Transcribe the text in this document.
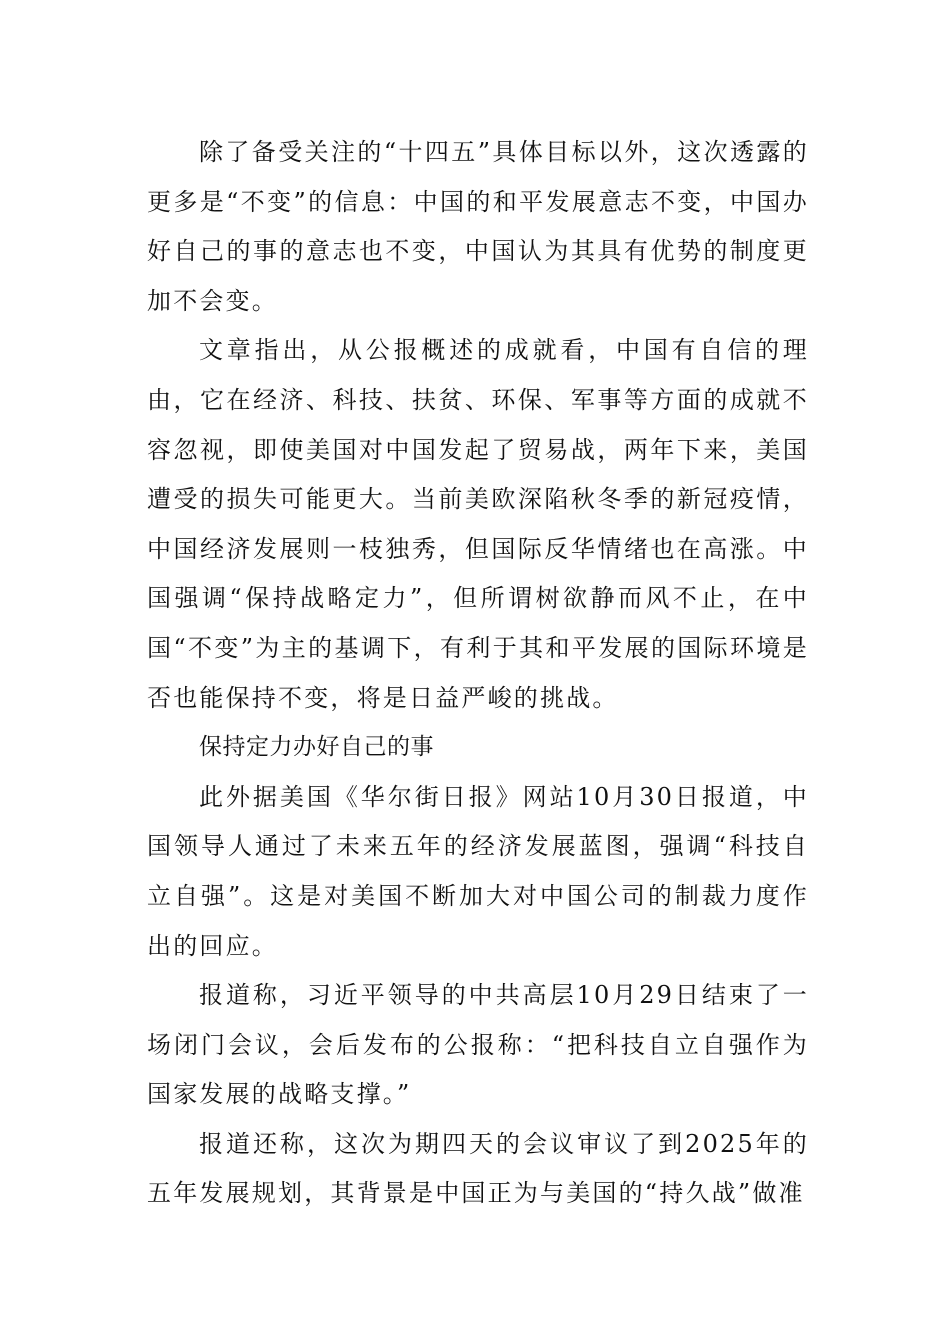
除了备受关注的“十四五”具体目标以外，这次透露的更多是“不变”的信息：中国的和平发展意志不变，中国办好自己的事的意志也不变，中国认为其具有优势的制度更加不会变。

文章指出，从公报概述的成就看，中国有自信的理由，它在经济、科技、扶贫、环保、军事等方面的成就不容忽视，即使美国对中国发起了贸易战，两年下来，美国遭受的损失可能更大。当前美欧深陷秋冬季的新冠疫情，中国经济发展则一枝独秀，但国际反华情绪也在高涨。中国强调“保持战略定力”，但所谓树欲静而风不止，在中国“不变”为主的基调下，有利于其和平发展的国际环境是否也能保持不变，将是日益严峻的挑战。

保持定力办好自己的事

此外据美国《华尔街日报》网站10月30日报道，中国领导人通过了未来五年的经济发展蓝图，强调“科技自立自强”。这是对美国不断加大对中国公司的制裁力度作出的回应。

报道称，习近平领导的中共高层10月29日结束了一场闭门会议，会后发布的公报称：“把科技自立自强作为国家发展的战略支撑。”

报道还称，这次为期四天的会议审议了到2025年的五年发展规划，其背景是中国正为与美国的“持久战”做准
